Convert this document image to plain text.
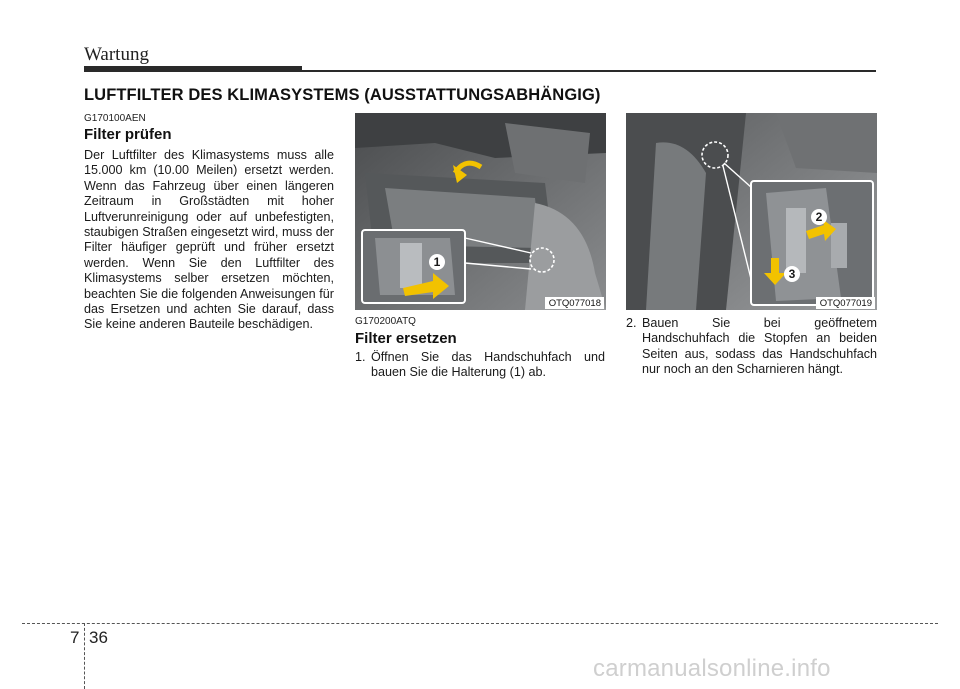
Wartung
LUFTFILTER DES KLIMASYSTEMS (AUSSTATTUNGSABHÄNGIG)
G170100AEN
Filter prüfen
Der Luftfilter des Klimasystems muss alle 15.000 km (10.00 Meilen) ersetzt werden. Wenn das Fahrzeug über einen längeren Zeitraum in Großstädten mit hoher Luftverunreinigung oder auf unbefestigten, staubigen Straßen eingesetzt wird, muss der Filter häufiger geprüft und früher ersetzt werden. Wenn Sie den Luftfilter des Klimasystems selber ersetzen möchten, beachten Sie die folgenden Anweisungen für das Ersetzen und achten Sie darauf, dass Sie keine anderen Bauteile beschädigen.
1
OTQ077018
G170200ATQ
Filter ersetzen
1. Öffnen Sie das Handschuhfach und bauen Sie die Halterung (1) ab.
2
3
OTQ077019
2. Bauen Sie bei geöffnetem Handschuhfach die Stopfen an beiden Seiten aus, sodass das Handschuhfach nur noch an den Scharnieren hängt.
7 36
carmanualsonline.info
